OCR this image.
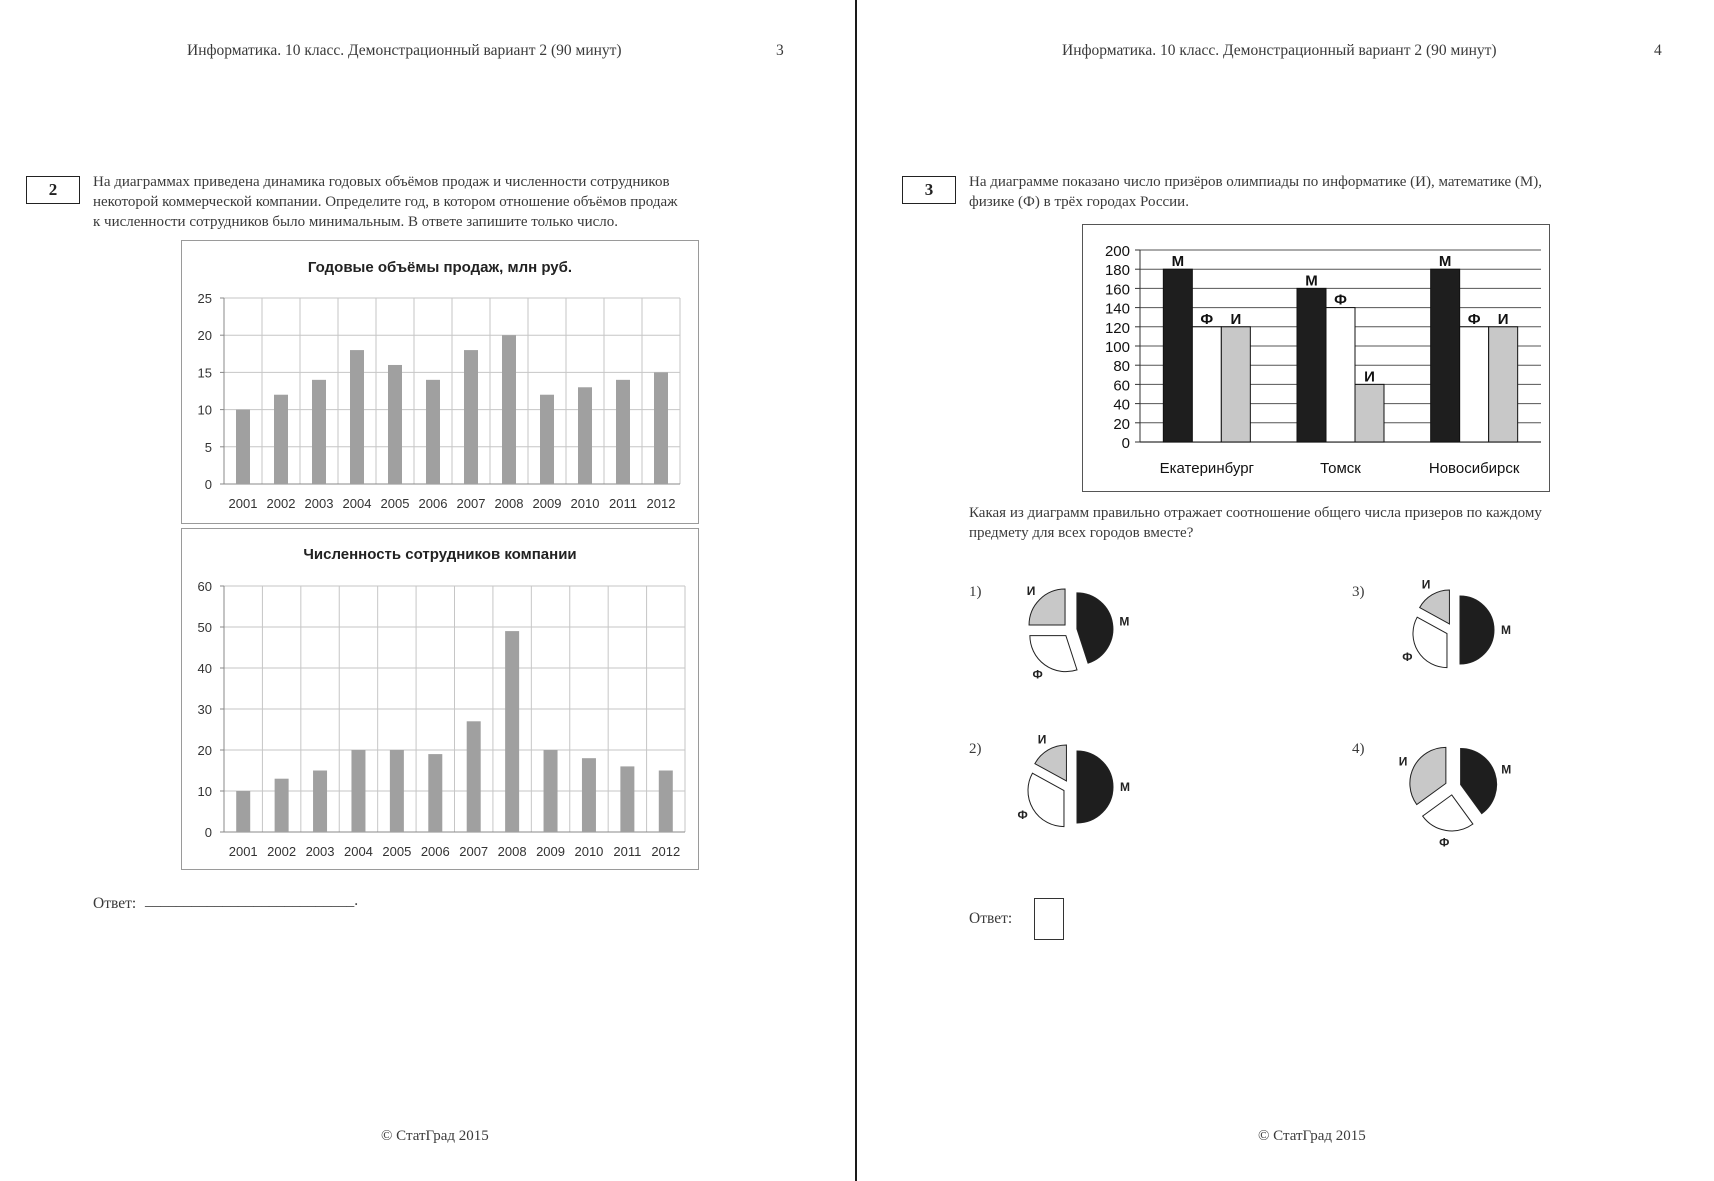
Информатика. 10 класс. Демонстрационный вариант 2 (90 минут)	3
2	На диаграммах приведена динамика годовых объёмов продаж и численности сотрудников
некоторой коммерческой компании. Определите год, в котором отношение объёмов продаж
к численности сотрудников было минимальным. В ответе запишите только число.
Годовые объёмы продаж, млн руб.
0
5
10
15
20
25
2001 2002 2003 2004 2005 2006 2007 2008 2009 2010 2011 2012
Численность сотрудников компании
0
10
20
30
40
50
60
2001 2002 2003 2004 2005 2006 2007 2008 2009 2010 2011 2012
Ответ: ___________________________.
© СтатГрад 2015
Информатика. 10 класс. Демонстрационный вариант 2 (90 минут)	4
3	На диаграмме показано число призёров олимпиады по информатике (И), математике (М),
физике (Ф) в трёх городах России.
0
20
40
60
80
100
120
140
160
180
200
М
Ф И
Екатеринбург
М
Ф
И
Томск
М
Ф И
Новосибирск
Какая из диаграмм правильно отражает соотношение общего числа призеров по каждому
предмету для всех городов вместе?
1)	3)
2)	4)
М
Ф
И
М
Ф
И
М
Ф
И
М
Ф
И
Ответ:
© СтатГрад 2015
